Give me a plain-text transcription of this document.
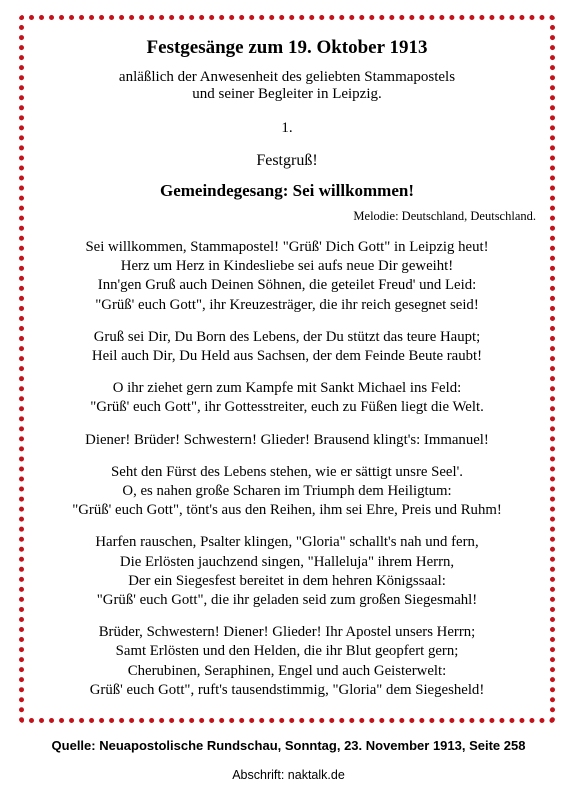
Festgesänge zum 19. Oktober 1913
anläßlich der Anwesenheit des geliebten Stammapostels
und seiner Begleiter in Leipzig.
1.
Festgruß!
Gemeindegesang: Sei willkommen!
Melodie: Deutschland, Deutschland.
Sei willkommen, Stammapostel! "Grüß' Dich Gott" in Leipzig heut!
Herz um Herz in Kindesliebe sei aufs neue Dir geweiht!
Inn'gen Gruß auch Deinen Söhnen, die geteilet Freud' und Leid:
"Grüß' euch Gott", ihr Kreuzesträger, die ihr reich gesegnet seid!
Gruß sei Dir, Du Born des Lebens, der Du stützt das teure Haupt;
Heil auch Dir, Du Held aus Sachsen, der dem Feinde Beute raubt!
O ihr ziehet gern zum Kampfe mit Sankt Michael ins Feld:
"Grüß' euch Gott", ihr Gottesstreiter, euch zu Füßen liegt die Welt.
Diener! Brüder! Schwestern! Glieder! Brausend klingt's: Immanuel!
Seht den Fürst des Lebens stehen, wie er sättigt unsre Seel'.
O, es nahen große Scharen im Triumph dem Heiligtum:
"Grüß' euch Gott", tönt's aus den Reihen, ihm sei Ehre, Preis und Ruhm!
Harfen rauschen, Psalter klingen, "Gloria" schallt's nah und fern,
Die Erlösten jauchzend singen, "Halleluja" ihrem Herrn,
Der ein Siegesfest bereitet in dem hehren Königssaal:
"Grüß' euch Gott", die ihr geladen seid zum großen Siegesmahl!
Brüder, Schwestern! Diener! Glieder! Ihr Apostel unsers Herrn;
Samt Erlösten und den Helden, die ihr Blut geopfert gern;
Cherubinen, Seraphinen, Engel und auch Geisterwelt:
Grüß' euch Gott", ruft's tausendstimmig, "Gloria" dem Siegesheld!
Quelle: Neuapostolische Rundschau, Sonntag, 23. November 1913, Seite 258
Abschrift: naktalk.de
